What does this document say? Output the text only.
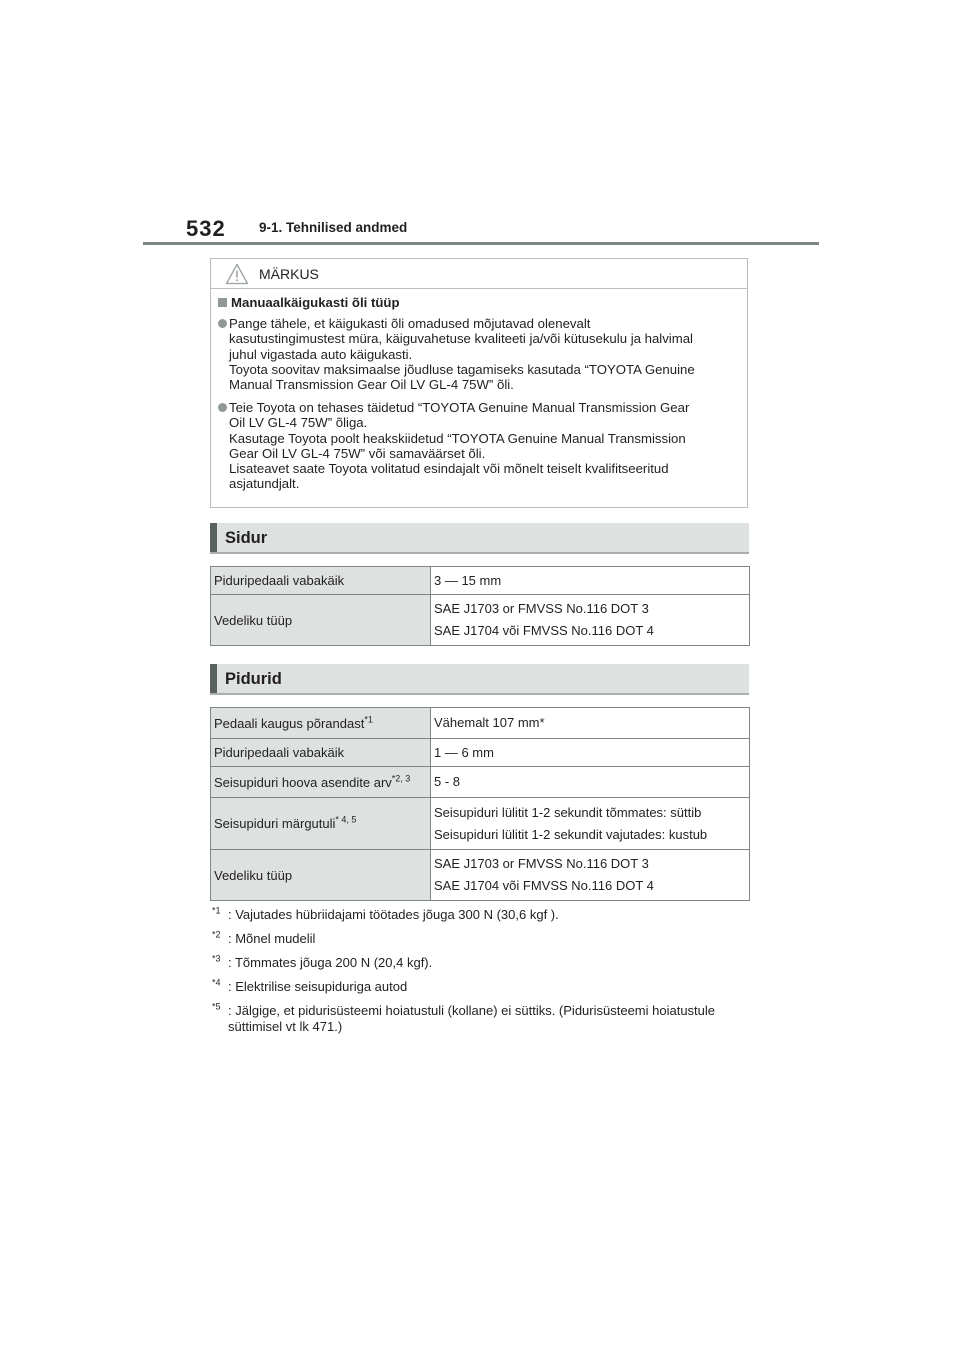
532 9-1. Tehnilised andmed
MÄRKUS
Manuaalkäigukasti õli tüüp
Pange tähele, et käigukasti õli omadused mõjutavad olenevalt
kasutustingimustest müra, käiguvahetuse kvaliteeti ja/või kütusekulu ja halvimal
juhul vigastada auto käigukasti.
Toyota soovitav maksimaalse jõudluse tagamiseks kasutada “TOYOTA Genuine
Manual Transmission Gear Oil LV GL-4 75W” õli.
Teie Toyota on tehases täidetud “TOYOTA Genuine Manual Transmission Gear
Oil LV GL-4 75W” õliga.
Kasutage Toyota poolt heakskiidetud “TOYOTA Genuine Manual Transmission
Gear Oil LV GL-4 75W” või samaväärset õli.
Lisateavet saate Toyota volitatud esindajalt või mõnelt teiselt kvalifitseeritud
asjatundjalt.
Sidur
Piduripedaali vabakäik	3 — 15 mm

Vedeliku tüüp	SAE J1703 or FMVSS No.116 DOT 3
SAE J1704 või FMVSS No.116 DOT 4
Pidurid
Pedaali kaugus põrandast$^{*1}$	Vähemalt 107 mm*

Piduripedaali vabakäik	1 — 6 mm

Seisupiduri hoova asendite arv$^{*2, 3}$	5 - 8

Seisupiduri märgutuli$^{* 4, 5}$	Seisupiduri lülitit 1-2 sekundit tõmmates: süttib
Seisupiduri lülitit 1-2 sekundit vajutades: kustub

Vedeliku tüüp	SAE J1703 or FMVSS No.116 DOT 3
SAE J1704 või FMVSS No.116 DOT 4
$^{*1}$ : Vajutades hübriidajami töötades jõuga 300 N (30,6 kgf ).
$^{*2}$ : Mõnel mudelil
$^{*3}$ : Tõmmates jõuga 200 N (20,4 kgf).
$^{*4}$ : Elektrilise seisupiduriga autod
$^{*5}$ : Jälgige, et pidurisüsteemi hoiatustuli (kollane) ei süttiks. (Pidurisüsteemi hoiatustule süttimisel vt lk 471.)
